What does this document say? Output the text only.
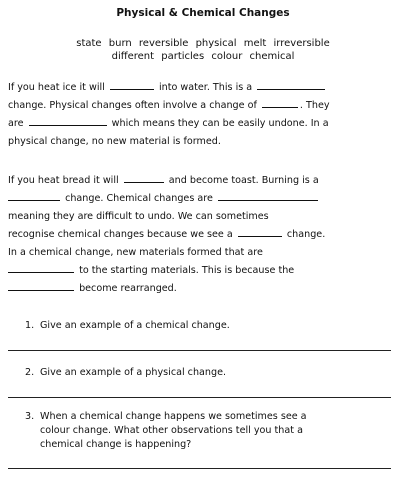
Physical & Chemical Changes
state burn reversible physical melt irreversible
different particles colour chemical
If you heat ice it will	into water. This is a
change. Physical changes often involve a change of	. They
are	which means they can be easily undone. In a
physical change, no new material is formed.
If you heat bread it will	and become toast. Burning is a
change. Chemical changes are
meaning they are difficult to undo. We can sometimes
recognise chemical changes because we see a	change.
In a chemical change, new materials formed that are
to the starting materials. This is because the
become rearranged.
1. Give an example of a chemical change.
2. Give an example of a physical change.
3. When a chemical change happens we sometimes see a
colour change. What other observations tell you that a
chemical change is happening?
